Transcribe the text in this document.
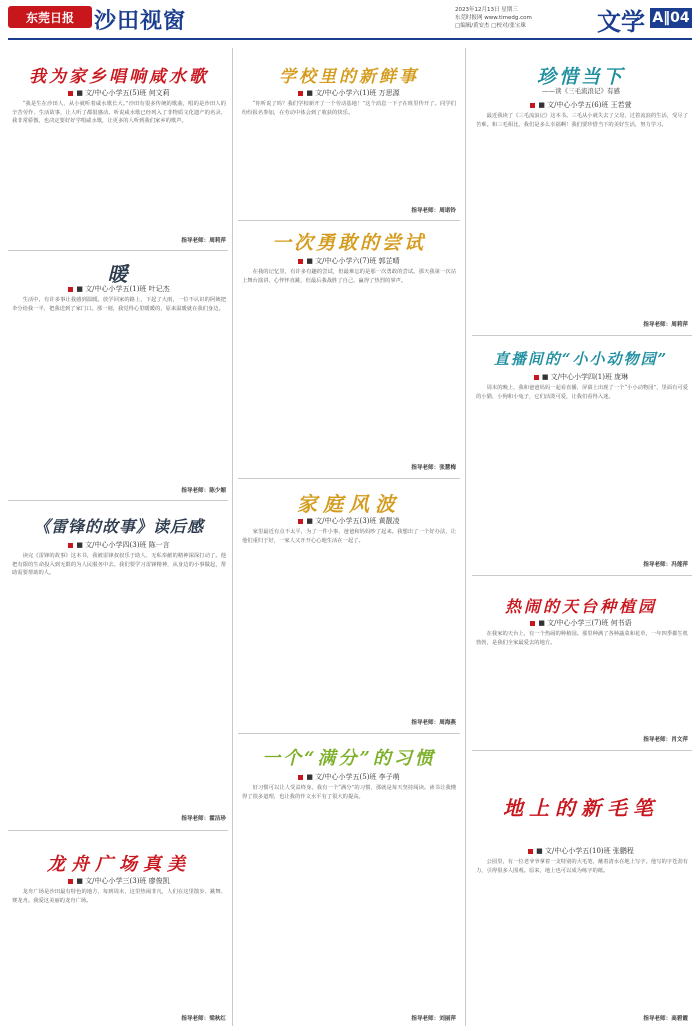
东莞日报 沙田视窗	2023年12月13日 星期三
东莞时报网 www.timedg.com
□编辑/黄安杰 □校对/张宝珠	文学 A‖04
我为家乡唱响咸水歌
■ 文/中心小学五(5)班 何文莉

“我是生在沙田人，从小就听着咸水歌长大。”沙田有很多传统的歌曲，唱的是沙田人的辛苦劳作、生活故事，让人听了都很感动。听说咸水歌已经列入了非物质文化遗产的名录，我非常骄傲，也决定要好好学唱咸水歌，让更多的人听到我们家乡的歌声。

指导老师：周莉萍
暖
■ 文/中心小学五(1)班 叶记杰

生活中，有许多事让我感到温暖。放学回家的路上，下起了大雨，一位不认识的阿姨把伞分给我一半，把我送到了家门口。那一刻，我觉得心里暖暖的，原来温暖就在我们身边。

指导老师：陈少媚
《雷锋的故事》读后感
■ 文/中心小学四(3)班 陈一言

读完《雷锋的故事》这本书，我被雷锋叔叔乐于助人、无私奉献的精神深深打动了。他把有限的生命投入到无限的为人民服务中去。我们要学习雷锋精神，从身边的小事做起，帮助需要帮助的人。

指导老师：霍洁珍
龙舟广场真美
■ 文/中心小学三(3)班 廖俊凯

龙舟广场是沙田最有特色的地方，每到周末，这里热闹非凡，人们在这里散步、跳舞、赛龙舟。我爱这美丽的龙舟广场。

指导老师：梁秋红
学校里的新鲜事
■ 文/中心小学六(1)班 万思源

“你听说了吗？我们学校新开了一个劳动基地！”这个消息一下子在班里传开了。同学们纷纷报名参加，在劳动中体会到了收获的快乐。

指导老师：周诺铃
一次勇敢的尝试
■ 文/中心小学六(7)班 郭芷晴

在我的记忆里，有许多有趣的尝试，但最难忘的是那一次勇敢的尝试。那天我第一次站上舞台演讲，心怦怦直跳，但最后我战胜了自己，赢得了热烈的掌声。

指导老师：张慧梅
家庭风波
■ 文/中心小学五(3)班 黄靓凌

家里最近有点不太平，为了一件小事，爸爸和妈妈吵了起来。我想出了一个好办法，让他们重归于好，一家人又开开心心地生活在一起了。

指导老师：周海燕
一个“满分”的习惯
■ 文/中心小学五(5)班 李子萌

好习惯可以让人受益终身。我有一个“满分”的习惯，那就是每天坚持阅读。读书让我懂得了很多道理，也让我的作文水平有了很大的提高。

指导老师：刘丽萍
珍惜当下
——读《三毛流浪记》有感
■ 文/中心小学五(6)班 王若萱

最近我读了《三毛流浪记》这本书。三毛从小就失去了父母，过着流浪的生活，受尽了苦难。和三毛相比，我们是多么幸福啊！我们要珍惜当下的美好生活，努力学习。

指导老师：周莉萍
直播间的“小小动物园”
■ 文/中心小学四(1)班 庞琳

周末的晚上，我和爸爸妈妈一起看直播，屏幕上出现了一个“小小动物园”，里面有可爱的小猫、小狗和小兔子，它们活泼可爱，让我们看得入迷。

指导老师：冯莲萍
热闹的天台种植园
■ 文/中心小学三(7)班 何书语

在我家的天台上，有一个热闹的种植园。那里种满了各种蔬菜和花草，一年四季都生机勃勃，是我们全家最爱去的地方。

指导老师：肖文萍
地上的新毛笔
■ 文/中心小学五(10)班 张鹏程

公园里，有一位老爷爷拿着一支特别的大毛笔，蘸着清水在地上写字。他写的字苍劲有力，引得很多人围观。原来，地上也可以成为练字的纸。

指导老师：高碧霞
